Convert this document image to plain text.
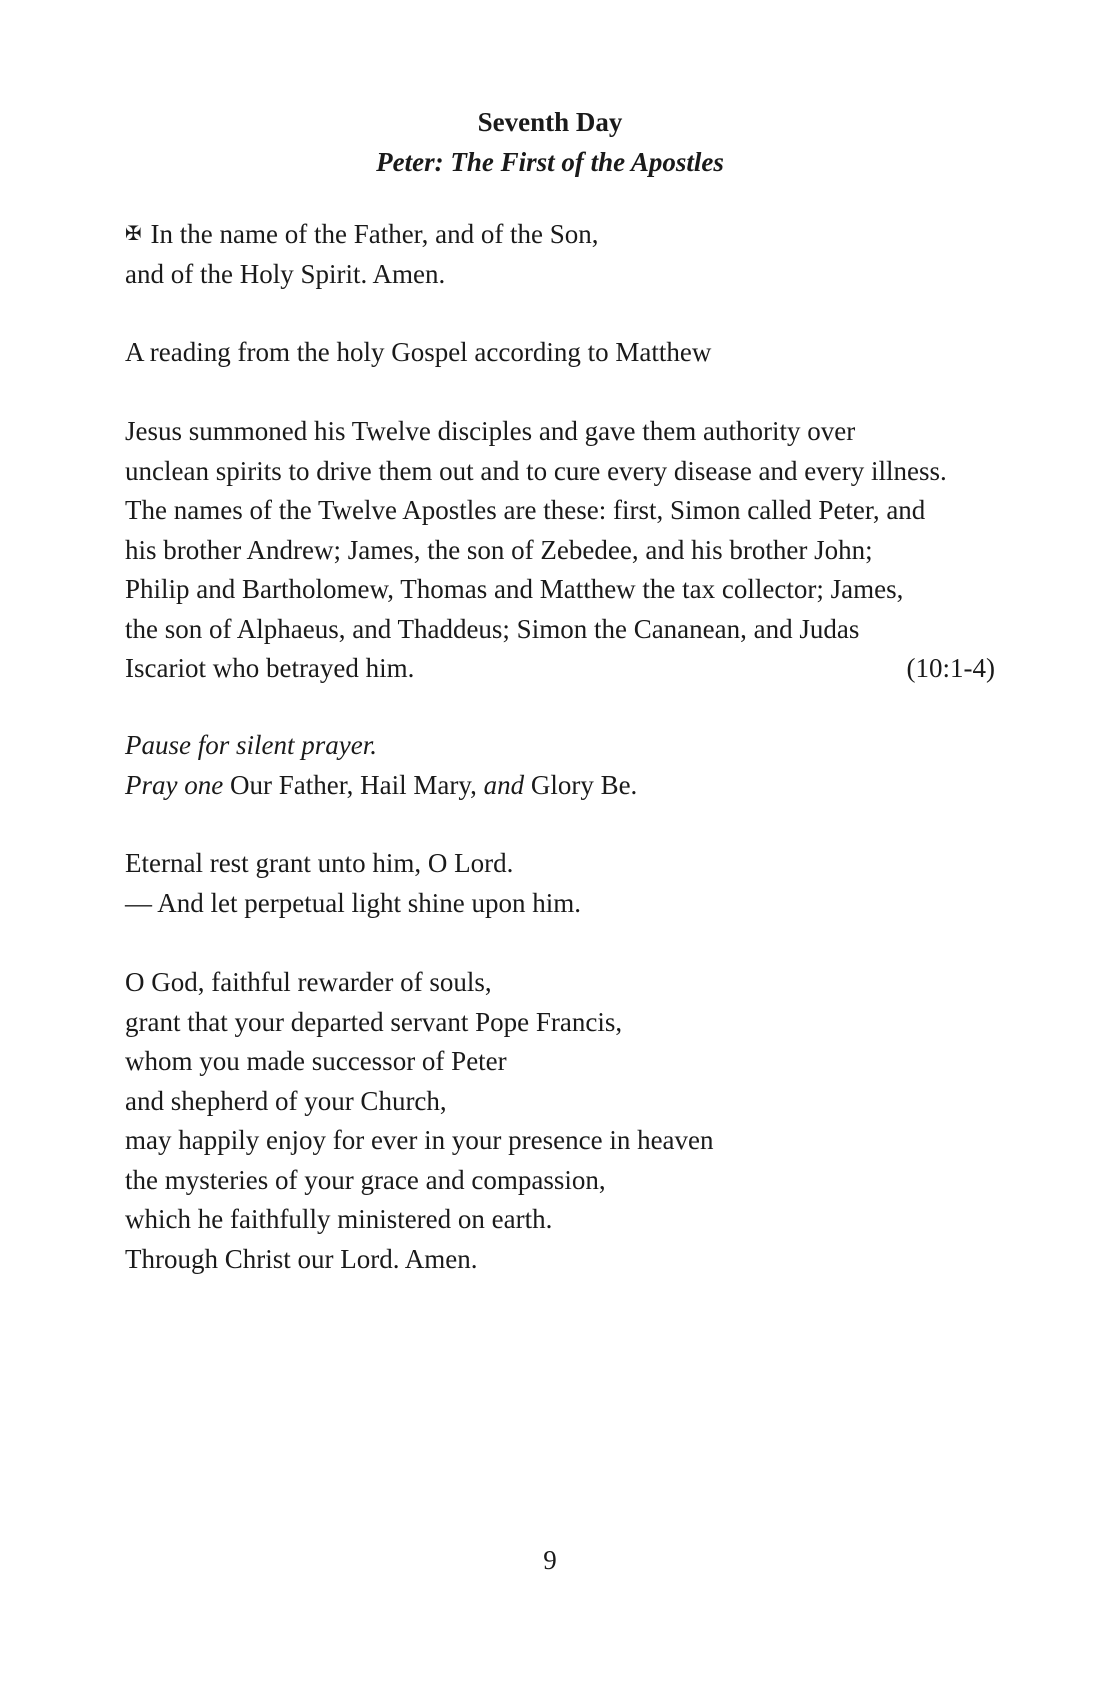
Seventh Day
Peter: The First of the Apostles
✠ In the name of the Father, and of the Son,
and of the Holy Spirit. Amen.
A reading from the holy Gospel according to Matthew
Jesus summoned his Twelve disciples and gave them authority over
unclean spirits to drive them out and to cure every disease and every illness.
The names of the Twelve Apostles are these: first, Simon called Peter, and
his brother Andrew; James, the son of Zebedee, and his brother John;
Philip and Bartholomew, Thomas and Matthew the tax collector; James,
the son of Alphaeus, and Thaddeus; Simon the Cananean, and Judas
Iscariot who betrayed him.	(10:1-4)
Pause for silent prayer.
Pray one Our Father, Hail Mary, and Glory Be.
Eternal rest grant unto him, O Lord.
— And let perpetual light shine upon him.
O God, faithful rewarder of souls,
grant that your departed servant Pope Francis,
whom you made successor of Peter
and shepherd of your Church,
may happily enjoy for ever in your presence in heaven
the mysteries of your grace and compassion,
which he faithfully ministered on earth.
Through Christ our Lord. Amen.
9
